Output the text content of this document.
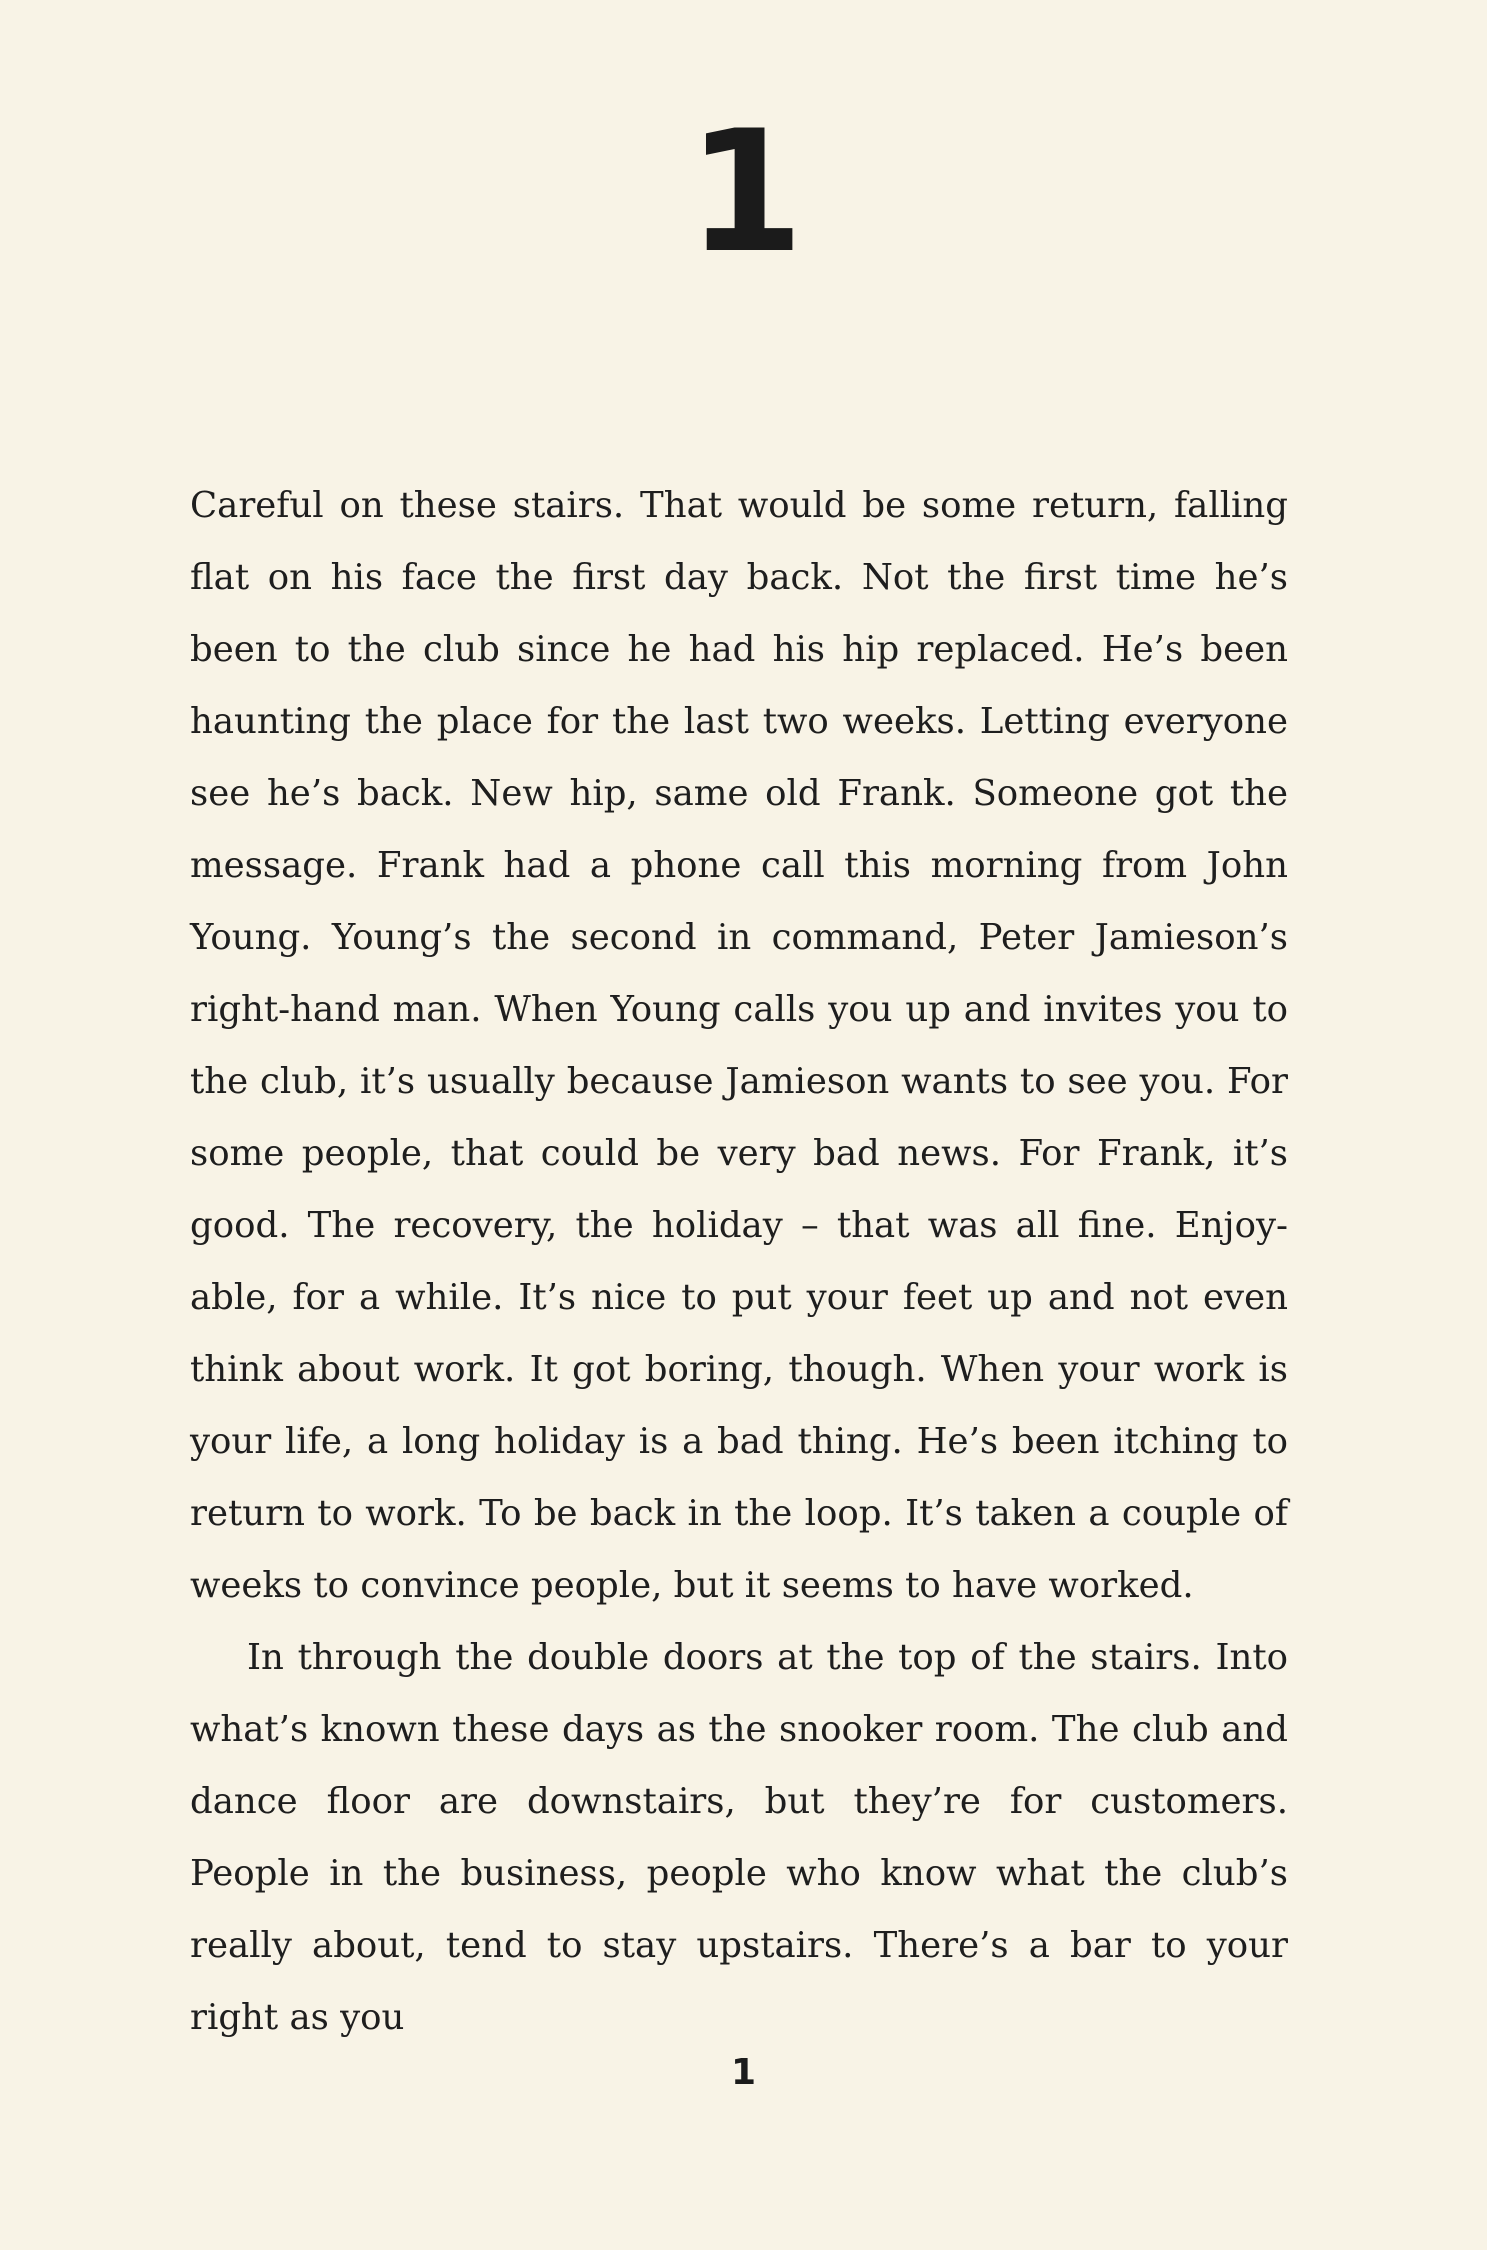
1

Careful on these stairs. That would be some return, falling flat on his face the first day back. Not the first time he’s been to the club since he had his hip replaced. He’s been haunting the place for the last two weeks. Letting everyone see he’s back. New hip, same old Frank. Someone got the message. Frank had a phone call this morning from John Young. Young’s the second in command, Peter Jamieson’s right-hand man. When Young calls you up and invites you to the club, it’s usually because Jamieson wants to see you. For some people, that could be very bad news. For Frank, it’s good. The recovery, the holiday – that was all fine. Enjoyable, for a while. It’s nice to put your feet up and not even think about work. It got boring, though. When your work is your life, a long holiday is a bad thing. He’s been itching to return to work. To be back in the loop. It’s taken a couple of weeks to convince people, but it seems to have worked.

In through the double doors at the top of the stairs. Into what’s known these days as the snooker room. The club and dance floor are downstairs, but they’re for customers. People in the business, people who know what the club’s really about, tend to stay upstairs. There’s a bar to your right as you

1
